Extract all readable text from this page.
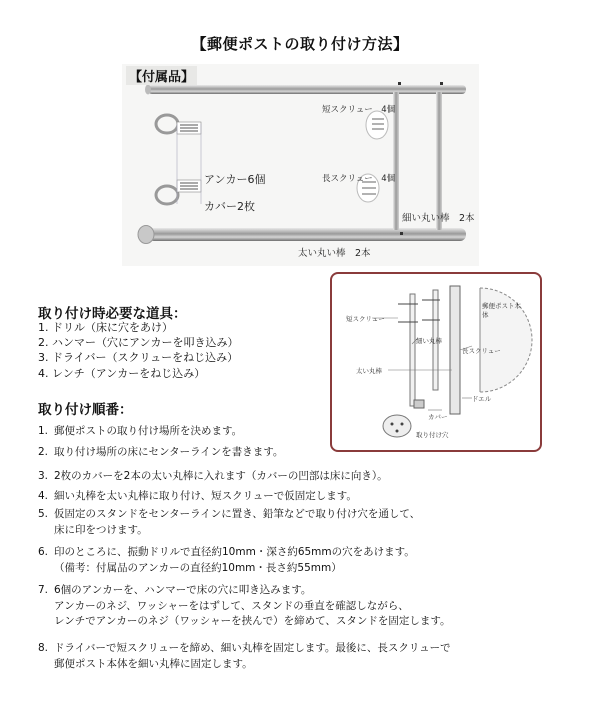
【郵便ポストの取り付け方法】
【付属品】
短スクリュー　4個
長スクリュー　4個
アンカー6個
カバー2枚
細い丸い棒　2本
太い丸い棒　2本
短スクリュー
細い丸棒
郵便ポスト本体
長スクリュー
太い丸棒
ドエル
カバー
取り付け穴
取り付け時必要な道具：
1. ドリル（床に穴をあけ）
2. ハンマー（穴にアンカーを叩き込み）
3. ドライバー（スクリューをねじ込み）
4. レンチ（アンカーをねじ込み）
取り付け順番：
1. 郵便ポストの取り付け場所を決めます。
2. 取り付け場所の床にセンターラインを書きます。
3. 2枚のカバーを2本の太い丸棒に入れます（カバーの凹部は床に向き）。
4. 細い丸棒を太い丸棒に取り付け、短スクリューで仮固定します。
5. 仮固定のスタンドをセンターラインに置き、鉛筆などで取り付け穴を通して、
床に印をつけます。
6. 印のところに、振動ドリルで直径約10mm・深さ約65mmの穴をあけます。
（備考：付属品のアンカーの直径約10mm・長さ約55mm）
7. 6個のアンカーを、ハンマーで床の穴に叩き込みます。
アンカーのネジ、ワッシャーをはずして、スタンドの垂直を確認しながら、
レンチでアンカーのネジ（ワッシャーを挟んで）を締めて、スタンドを固定します。
8. ドライバーで短スクリューを締め、細い丸棒を固定します。最後に、長スクリューで
郵便ポスト本体を細い丸棒に固定します。
